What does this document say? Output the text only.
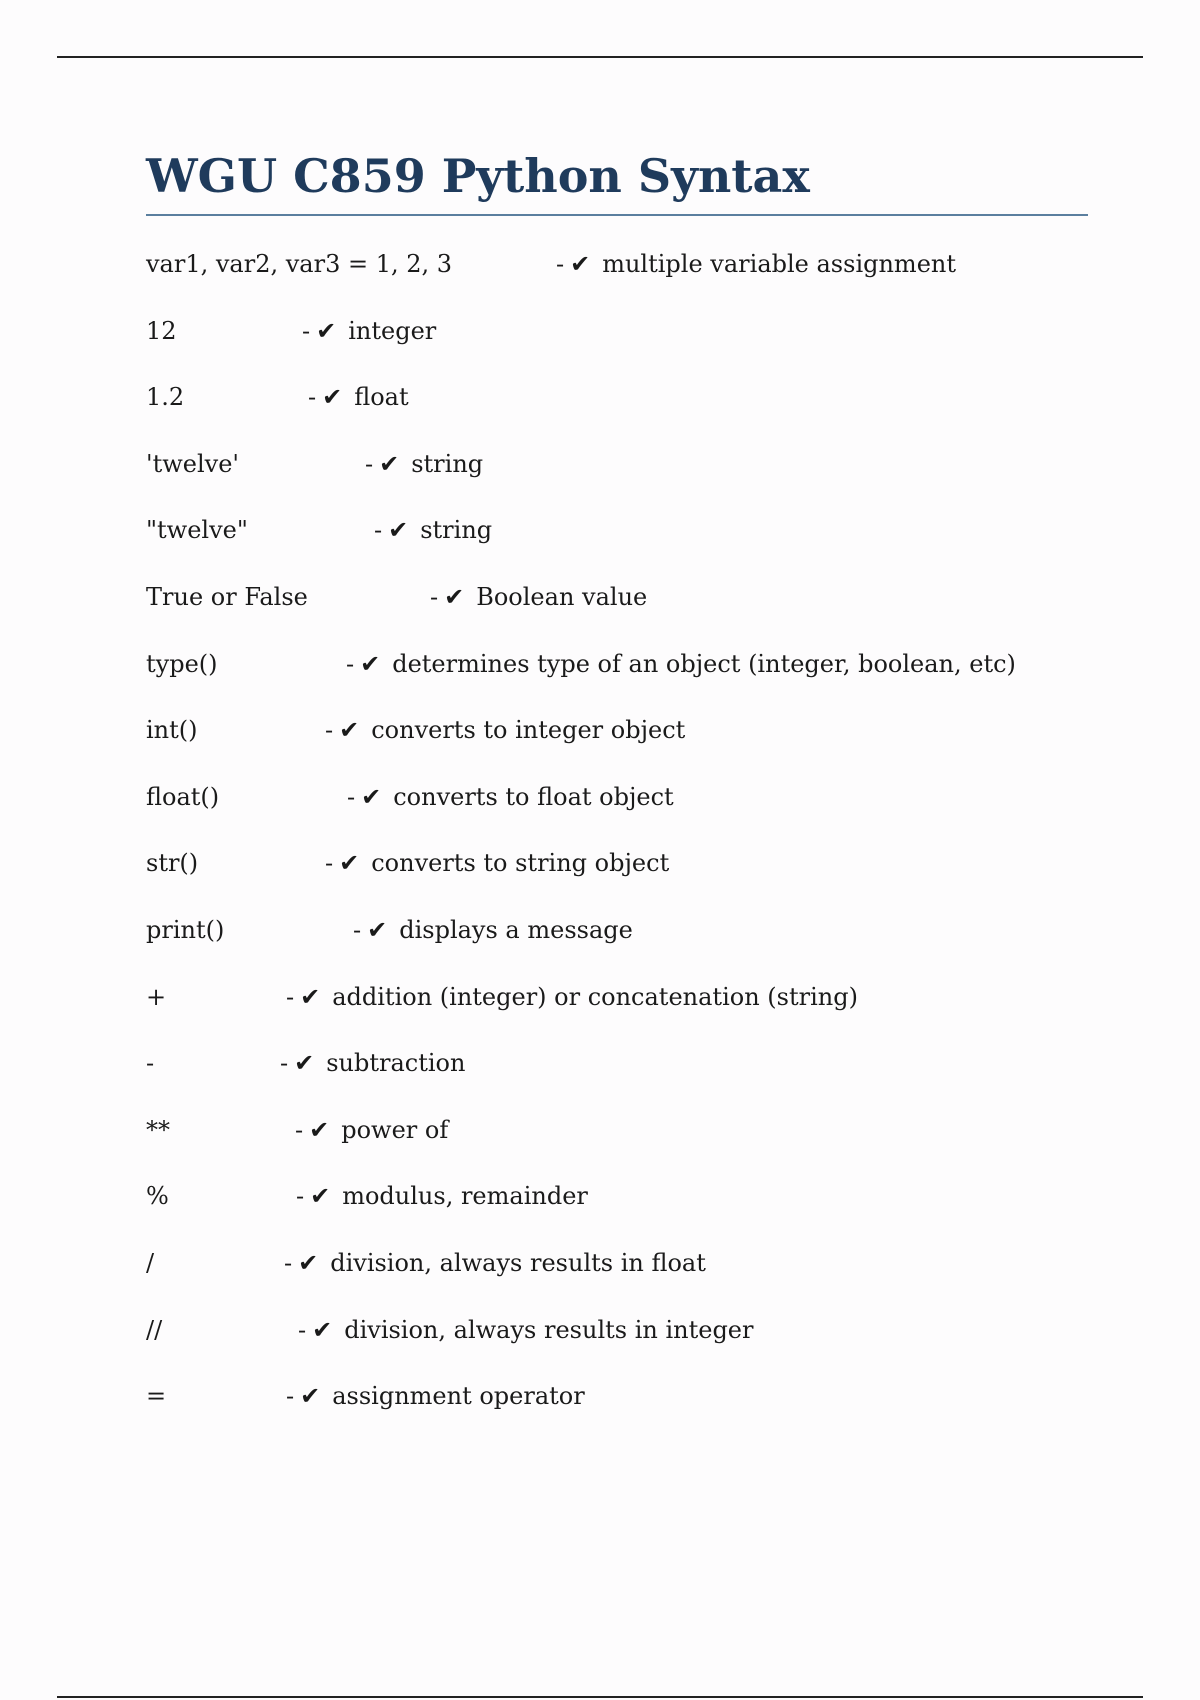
WGU C859 Python Syntax
var1, var2, var3 = 1, 2, 3	- ✔ multiple variable assignment
12	- ✔ integer
1.2	- ✔ float
'twelve'	- ✔ string
"twelve"	- ✔ string
True or False	- ✔ Boolean value
type()	- ✔ determines type of an object (integer, boolean, etc)
int()	- ✔ converts to integer object
float()	- ✔ converts to float object
str()	- ✔ converts to string object
print()	- ✔ displays a message
+	- ✔ addition (integer) or concatenation (string)
-	- ✔ subtraction
**	- ✔ power of
%	- ✔ modulus, remainder
/	- ✔ division, always results in float
//	- ✔ division, always results in integer
=	- ✔ assignment operator
